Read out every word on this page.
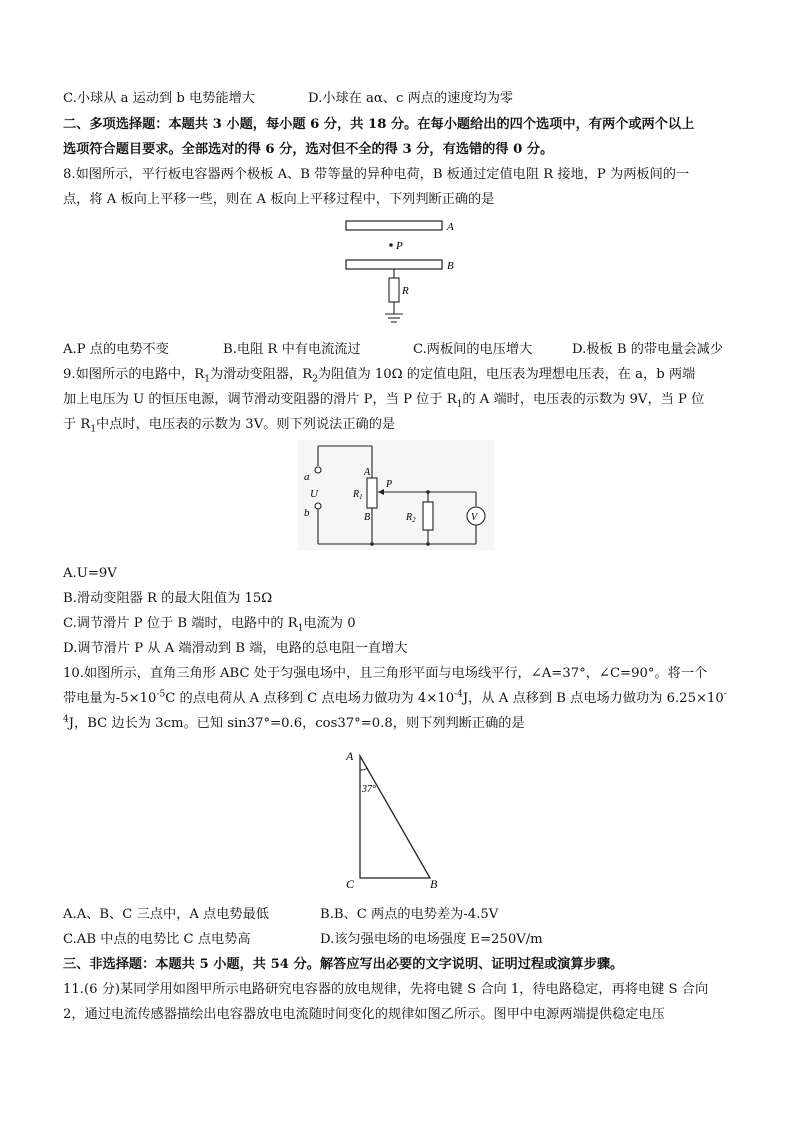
C.小球从 a 运动到 b 电势能增大	D.小球在 aα、c 两点的速度均为零
二、多项选择题：本题共 3 小题，每小题 6 分，共 18 分。在每小题给出的四个选项中，有两个或两个以上
选项符合题目要求。全部选对的得 6 分，选对但不全的得 3 分，有选错的得 0 分。
8.如图所示，平行板电容器两个极板 A、B 带等量的异种电荷，B 板通过定值电阻 R 接地，P 为两板间的一
点，将 A 板向上平移一些，则在 A 板向上平移过程中，下列判断正确的是
A
P
B
R
A.P 点的电势不变	B.电阻 R 中有电流流过	C.两板间的电压增大	D.极板 B 的带电量会减少
9.如图所示的电路中，$R_1$为滑动变阻器，$R_2$为阻值为 10Ω 的定值电阻，电压表为理想电压表，在 a，b 两端
加上电压为 U 的恒压电源，调节滑动变阻器的滑片 P，当 P 位于 $R_1$的 A 端时，电压表的示数为 9V，当 P 位
于 $R_1$中点时，电压表的示数为 3V。则下列说法正确的是
a
U
b
A
B
$R_1$
P
$R_2$	V
A.U=9V
B.滑动变阻器 R 的最大阻值为 15Ω
C.调节滑片 P 位于 B 端时，电路中的 $R_1$电流为 0
D.调节滑片 P 从 A 端滑动到 B 端，电路的总电阻一直增大
10.如图所示，直角三角形 ABC 处于匀强电场中，且三角形平面与电场线平行，∠A=37°，∠C=90°。将一个
带电量为$-5\times 10^{-5}C$ 的点电荷从 A 点移到 C 点电场力做功为 $4\times 10^{-4}J$，从 A 点移到 B 点电场力做功为 6.25×10-
$^4$J，BC 边长为 3cm。已知 sin37°=0.6，cos37°=0.8，则下列判断正确的是
A
37°
C	B
A.A、B、C 三点中，A 点电势最低	B.B、C 两点的电势差为-4.5V
C.AB 中点的电势比 C 点电势高	D.该匀强电场的电场强度 E=250V/m
三、非选择题：本题共 5 小题，共 54 分。解答应写出必要的文字说明、证明过程或演算步骤。
11.(6 分)某同学用如图甲所示电路研究电容器的放电规律，先将电键 S 合向 1，待电路稳定，再将电键 S 合向
2，通过电流传感器描绘出电容器放电电流随时间变化的规律如图乙所示。图甲中电源两端提供稳定电压
